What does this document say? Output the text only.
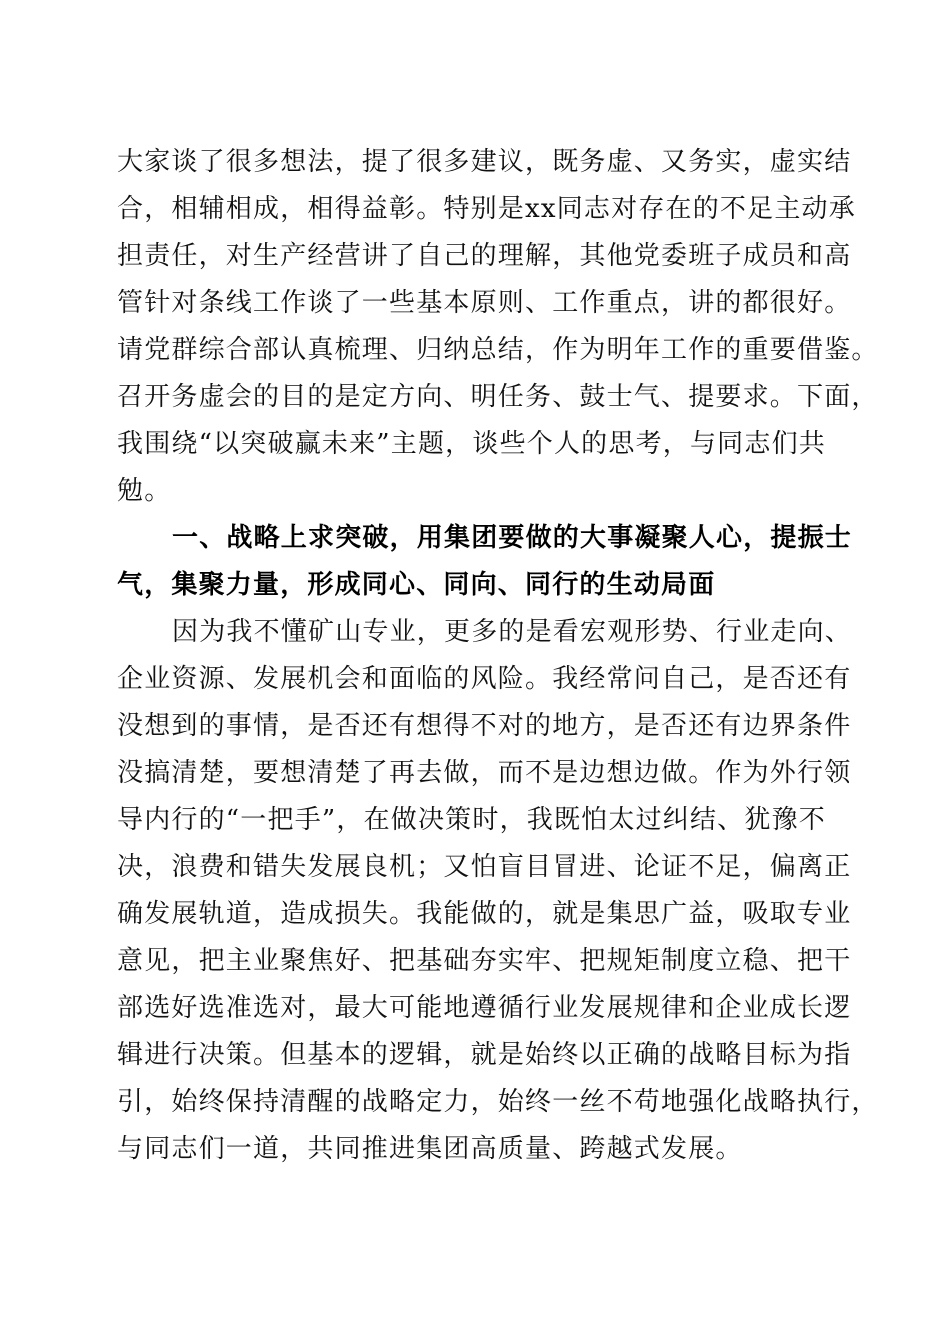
大家谈了很多想法，提了很多建议，既务虚、又务实，虚实结
合，相辅相成，相得益彰。特别是xx同志对存在的不足主动承
担责任，对生产经营讲了自己的理解，其他党委班子成员和高
管针对条线工作谈了一些基本原则、工作重点，讲的都很好。
请党群综合部认真梳理、归纳总结，作为明年工作的重要借鉴。
召开务虚会的目的是定方向、明任务、鼓士气、提要求。下面，
我围绕“以突破赢未来”主题，谈些个人的思考，与同志们共
勉。
一、战略上求突破，用集团要做的大事凝聚人心，提振士
气，集聚力量，形成同心、同向、同行的生动局面
因为我不懂矿山专业，更多的是看宏观形势、行业走向、
企业资源、发展机会和面临的风险。我经常问自己，是否还有
没想到的事情，是否还有想得不对的地方，是否还有边界条件
没搞清楚，要想清楚了再去做，而不是边想边做。作为外行领
导内行的“一把手”，在做决策时，我既怕太过纠结、犹豫不
决，浪费和错失发展良机；又怕盲目冒进、论证不足，偏离正
确发展轨道，造成损失。我能做的，就是集思广益，吸取专业
意见，把主业聚焦好、把基础夯实牢、把规矩制度立稳、把干
部选好选准选对，最大可能地遵循行业发展规律和企业成长逻
辑进行决策。但基本的逻辑，就是始终以正确的战略目标为指
引，始终保持清醒的战略定力，始终一丝不苟地强化战略执行，
与同志们一道，共同推进集团高质量、跨越式发展。
